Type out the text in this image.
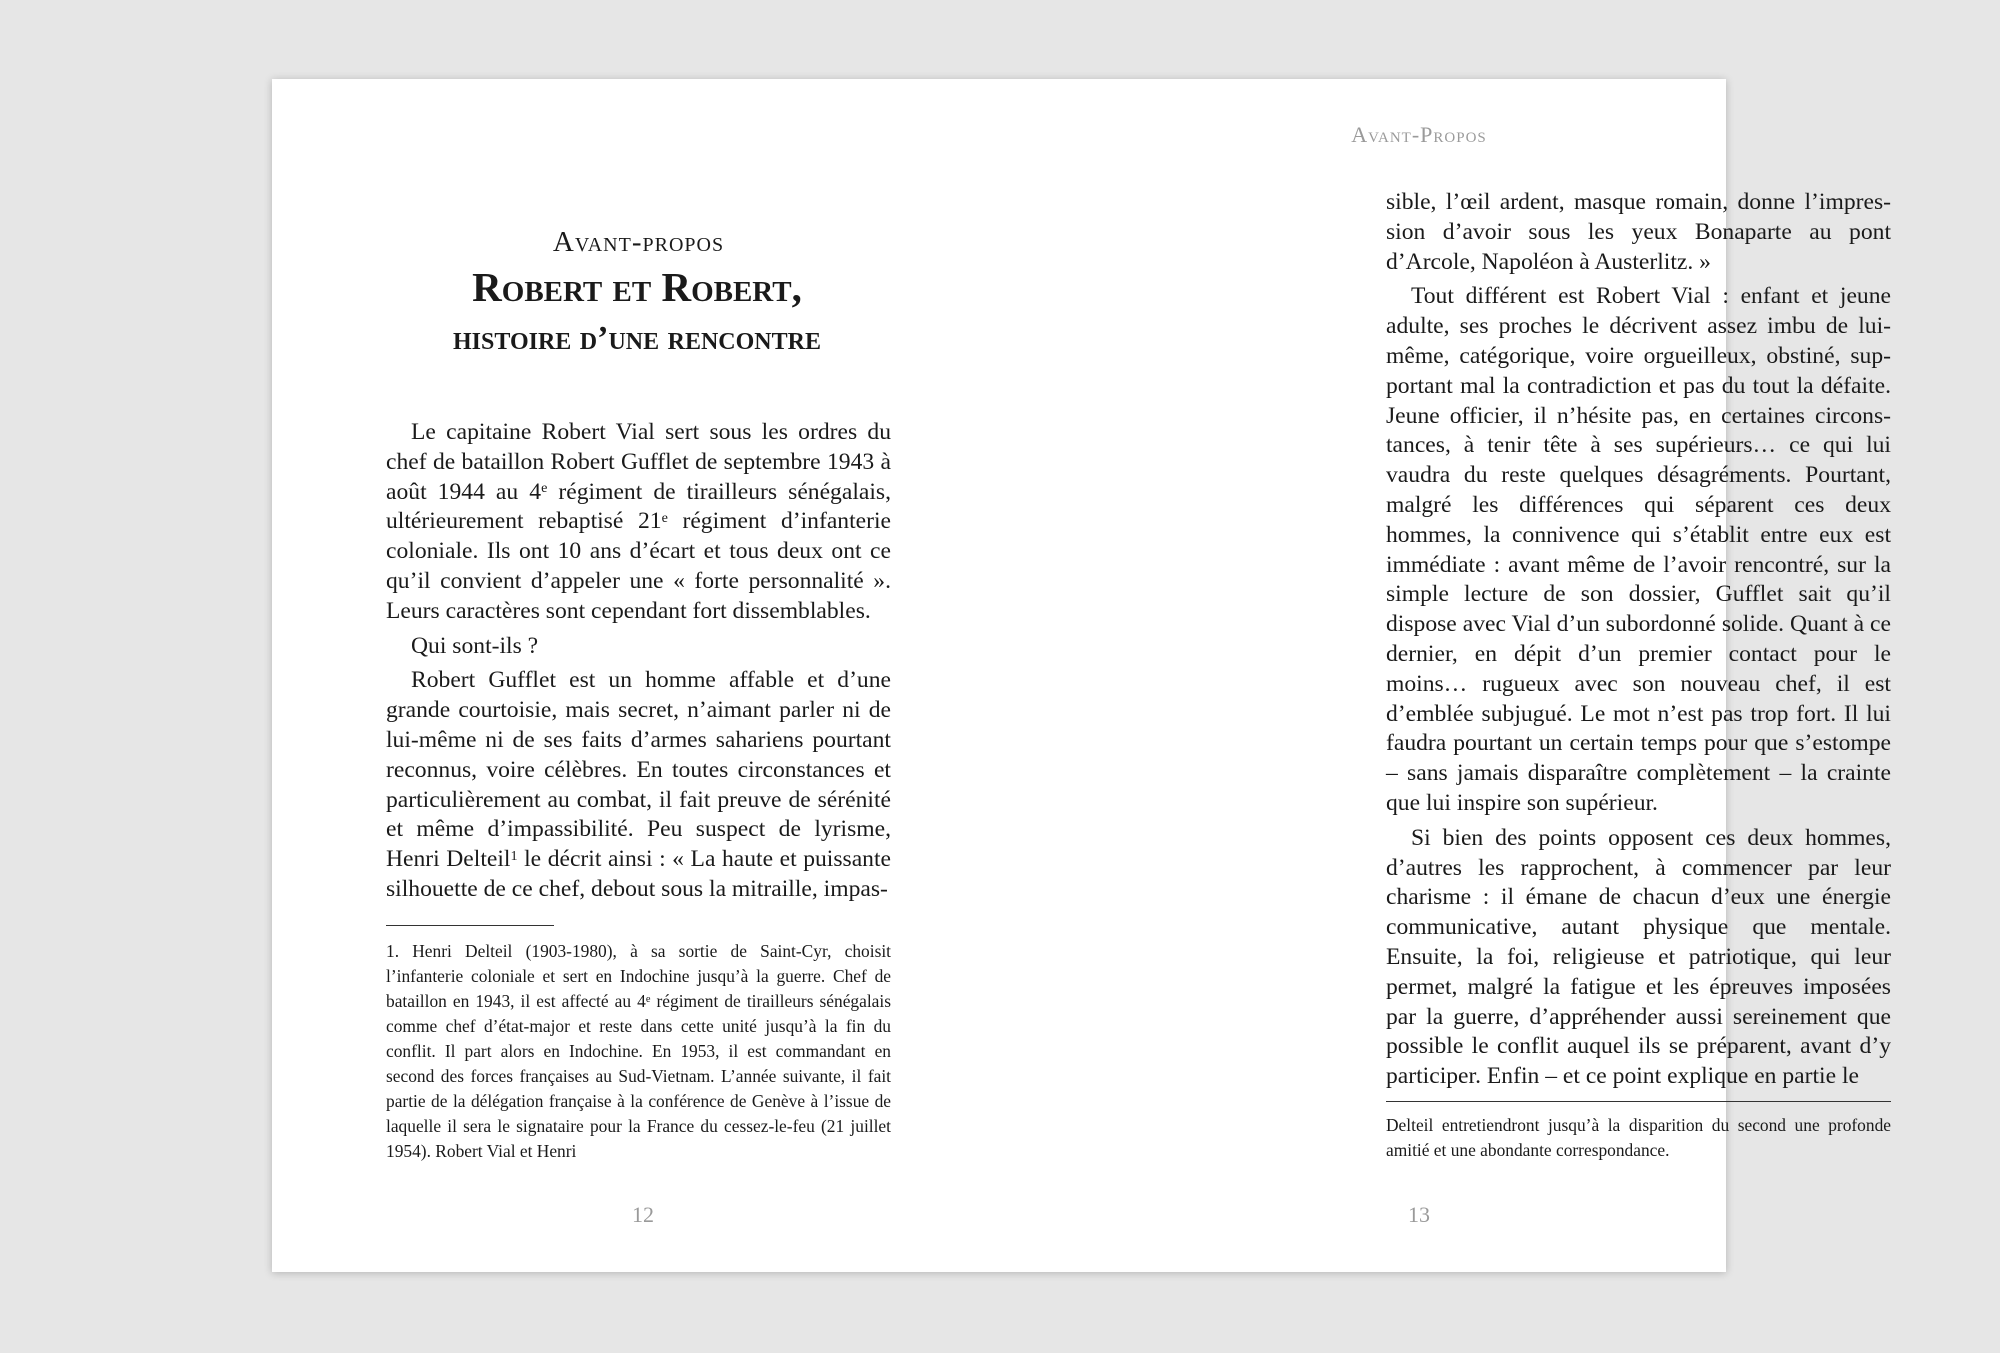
Avant-propos
Robert et Robert,
histoire d’une rencontre

Le capitaine Robert Vial sert sous les ordres du chef de bataillon Robert Gufflet de septembre 1943 à août 1944 au 4e régiment de tirailleurs sénégalais, ultérieurement rebaptisé 21e régiment d’infanterie coloniale. Ils ont 10 ans d’écart et tous deux ont ce qu’il convient d’appeler une « forte personnalité ». Leurs caractères sont cependant fort dissemblables.

Qui sont-ils ?

Robert Gufflet est un homme affable et d’une grande courtoisie, mais secret, n’aimant parler ni de lui-même ni de ses faits d’armes sahariens pourtant reconnus, voire célèbres. En toutes circonstances et particulièrement au combat, il fait preuve de sérénité et même d’impassibilité. Peu suspect de lyrisme, Henri Delteil$^1$ le décrit ainsi : « La haute et puissante silhouette de ce chef, debout sous la mitraille, impas-

1. Henri Delteil (1903-1980), à sa sortie de Saint-Cyr, choisit l’infanterie coloniale et sert en Indochine jusqu’à la guerre. Chef de bataillon en 1943, il est affecté au 4e régiment de tirailleurs sénégalais comme chef d’état-major et reste dans cette unité jusqu’à la fin du conflit. Il part alors en Indochine. En 1953, il est commandant en second des forces françaises au Sud-Vietnam. L’année suivante, il fait partie de la délégation française à la conférence de Genève à l’issue de laquelle il sera le signataire pour la France du cessez-le-feu (21 juillet 1954). Robert Vial et Henri

12
Avant-Propos

sible, l’œil ardent, masque romain, donne l’impression d’avoir sous les yeux Bonaparte au pont d’Arcole, Napoléon à Austerlitz. »

Tout différent est Robert Vial : enfant et jeune adulte, ses proches le décrivent assez imbu de lui-même, catégorique, voire orgueilleux, obstiné, supportant mal la contradiction et pas du tout la défaite. Jeune officier, il n’hésite pas, en certaines circonstances, à tenir tête à ses supérieurs… ce qui lui vaudra du reste quelques désagréments. Pourtant, malgré les différences qui séparent ces deux hommes, la connivence qui s’établit entre eux est immédiate : avant même de l’avoir rencontré, sur la simple lecture de son dossier, Gufflet sait qu’il dispose avec Vial d’un subordonné solide. Quant à ce dernier, en dépit d’un premier contact pour le moins… rugueux avec son nouveau chef, il est d’emblée subjugué. Le mot n’est pas trop fort. Il lui faudra pourtant un certain temps pour que s’estompe – sans jamais disparaître complètement – la crainte que lui inspire son supérieur.

Si bien des points opposent ces deux hommes, d’autres les rapprochent, à commencer par leur charisme : il émane de chacun d’eux une énergie communicative, autant physique que mentale. Ensuite, la foi, religieuse et patriotique, qui leur permet, malgré la fatigue et les épreuves imposées par la guerre, d’appréhender aussi sereinement que possible le conflit auquel ils se préparent, avant d’y participer. Enfin – et ce point explique en partie le

Delteil entretiendront jusqu’à la disparition du second une profonde amitié et une abondante correspondance.

13
